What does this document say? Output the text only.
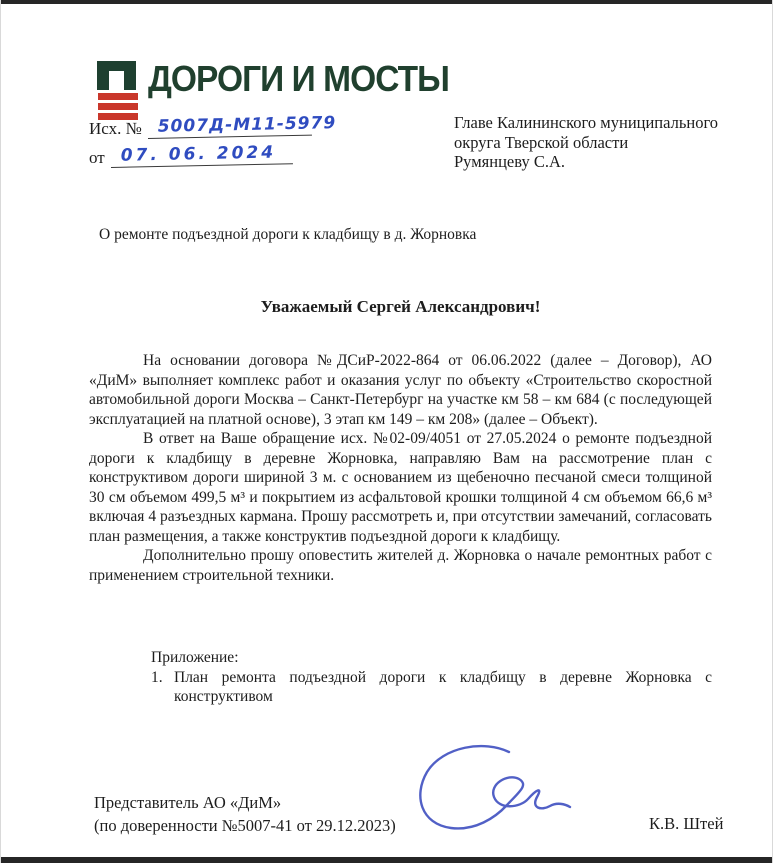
ДОРОГИ И МОСТЫ
Исх. № 5007Д-М11-5979
от 07. 06. 2024
Главе Калининского муниципального
округа Тверской области
Румянцеву С.А.
О ремонте подъездной дороги к кладбищу в д. Жорновка
Уважаемый Сергей Александрович!

На основании договора №ДСиР-2022-864 от 06.06.2022 (далее – Договор), АО «ДиМ» выполняет комплекс работ и оказания услуг по объекту «Строительство скоростной автомобильной дороги Москва – Санкт-Петербург на участке км 58 – км 684 (с последующей эксплуатацией на платной основе), 3 этап км 149 – км 208» (далее – Объект).

В ответ на Ваше обращение исх. №02-09/4051 от 27.05.2024 о ремонте подъездной дороги к кладбищу в деревне Жорновка, направляю Вам на рассмотрение план с конструктивом дороги шириной 3 м. с основанием из щебеночно песчаной смеси толщиной 30 см объемом 499,5 м³ и покрытием из асфальтовой крошки толщиной 4 см объемом 66,6 м³ включая 4 разъездных кармана. Прошу рассмотреть и, при отсутствии замечаний, согласовать план размещения, а также конструктив подъездной дороги к кладбищу.

Дополнительно прошу оповестить жителей д. Жорновка о начале ремонтных работ с применением строительной техники.

Приложение:
1. План ремонта подъездной дороги к кладбищу в деревне Жорновка с конструктивом
Представитель АО «ДиМ»
(по доверенности №5007-41 от 29.12.2023)	К.В. Штей
